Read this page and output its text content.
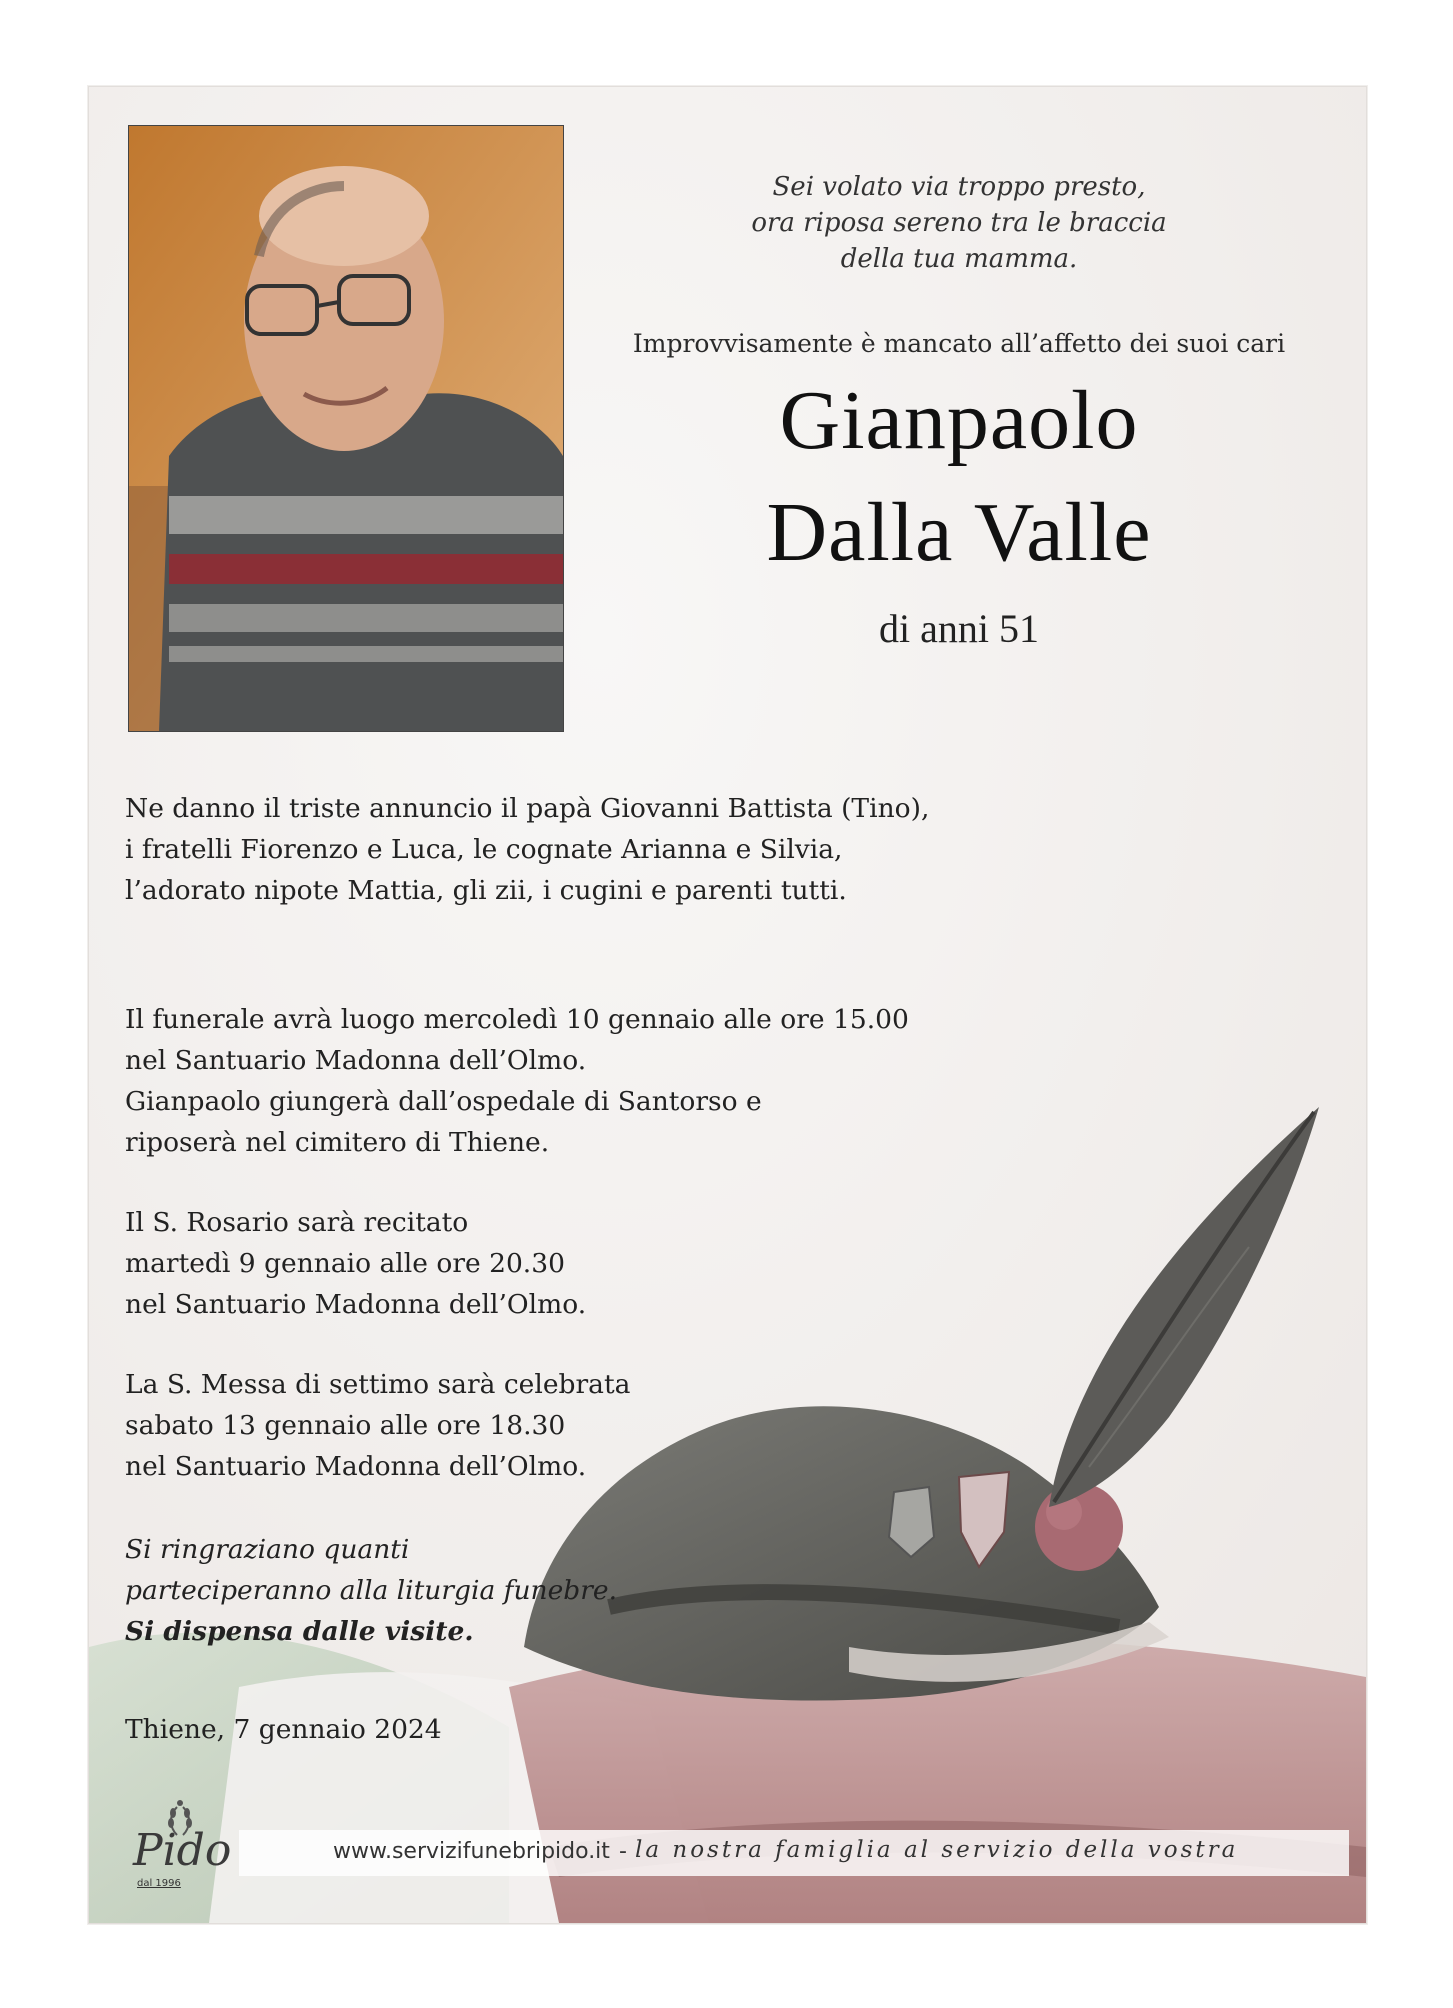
Sei volato via troppo presto,
ora riposa sereno tra le braccia
della tua mamma.
Improvvisamente è mancato all’affetto dei suoi cari
Gianpaolo
Dalla Valle
di anni 51
Ne danno il triste annuncio il papà Giovanni Battista (Tino),
i fratelli Fiorenzo e Luca, le cognate Arianna e Silvia,
l’adorato nipote Mattia, gli zii, i cugini e parenti tutti.
Il funerale avrà luogo mercoledì 10 gennaio alle ore 15.00
nel Santuario Madonna dell’Olmo.
Gianpaolo giungerà dall’ospedale di Santorso e
riposerà nel cimitero di Thiene.
Il S. Rosario sarà recitato
martedì 9 gennaio alle ore 20.30
nel Santuario Madonna dell’Olmo.
La S. Messa di settimo sarà celebrata
sabato 13 gennaio alle ore 18.30
nel Santuario Madonna dell’Olmo.
Si ringraziano quanti
parteciperanno alla liturgia funebre.
Si dispensa dalle visite.
Thiene, 7 gennaio 2024
www.servizifunebripido.it - la nostra famiglia al servizio della vostra
Pido
dal 1996
